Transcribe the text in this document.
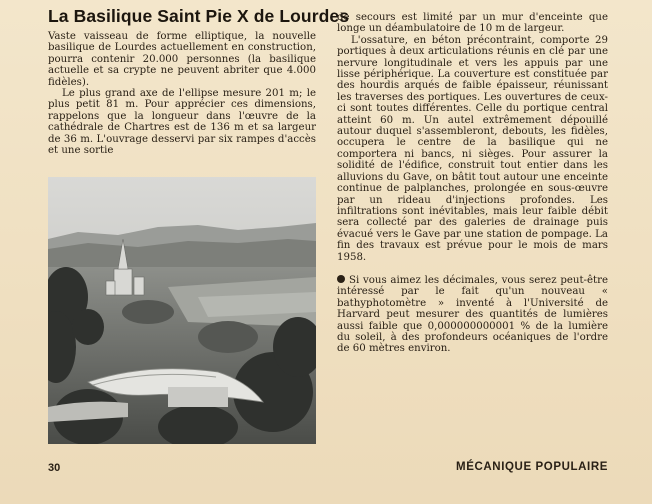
La Basilique Saint Pie X de Lourdes

Vaste vaisseau de forme elliptique, la nouvelle basilique de Lourdes actuellement en construction, pourra contenir 20.000 personnes (la basilique actuelle et sa crypte ne peuvent abriter que 4.000 fidèles).

Le plus grand axe de l'ellipse mesure 201 m; le plus petit 81 m. Pour apprécier ces dimensions, rappelons que la longueur dans l'œuvre de la cathédrale de Chartres est de 136 m et sa largeur de 36 m. L'ouvrage desservi par six rampes d'accès et une sortie

de secours est limité par un mur d'enceinte que longe un déambulatoire de 10 m de largeur.

L'ossature, en béton précontraint, comporte 29 portiques à deux articulations réunis en clé par une nervure longitudinale et vers les appuis par une lisse périphérique. La couverture est constituée par des hourdis arqués de faible épaisseur, réunissant les traverses des portiques. Les ouvertures de ceux-ci sont toutes différentes. Celle du portique central atteint 60 m. Un autel extrêmement dépouillé autour duquel s'assembleront, debouts, les fidèles, occupera le centre de la basilique qui ne comportera ni bancs, ni sièges. Pour assurer la solidité de l'édifice, construit tout entier dans les alluvions du Gave, on bâtit tout autour une enceinte continue de palplanches, prolongée en sous-œuvre par un rideau d'injections profondes. Les infiltrations sont inévitables, mais leur faible débit sera collecté par des galeries de drainage puis évacué vers le Gave par une station de pompage. La fin des travaux est prévue pour le mois de mars 1958.

Si vous aimez les décimales, vous serez peut-être intéressé par le fait qu'un nouveau « bathyphotomètre » inventé à l'Université de Harvard peut mesurer des quantités de lumières aussi faible que 0,000000000001 % de la lumière du soleil, à des profondeurs océaniques de l'ordre de 60 mètres environ.

30	MÉCANIQUE POPULAIRE
